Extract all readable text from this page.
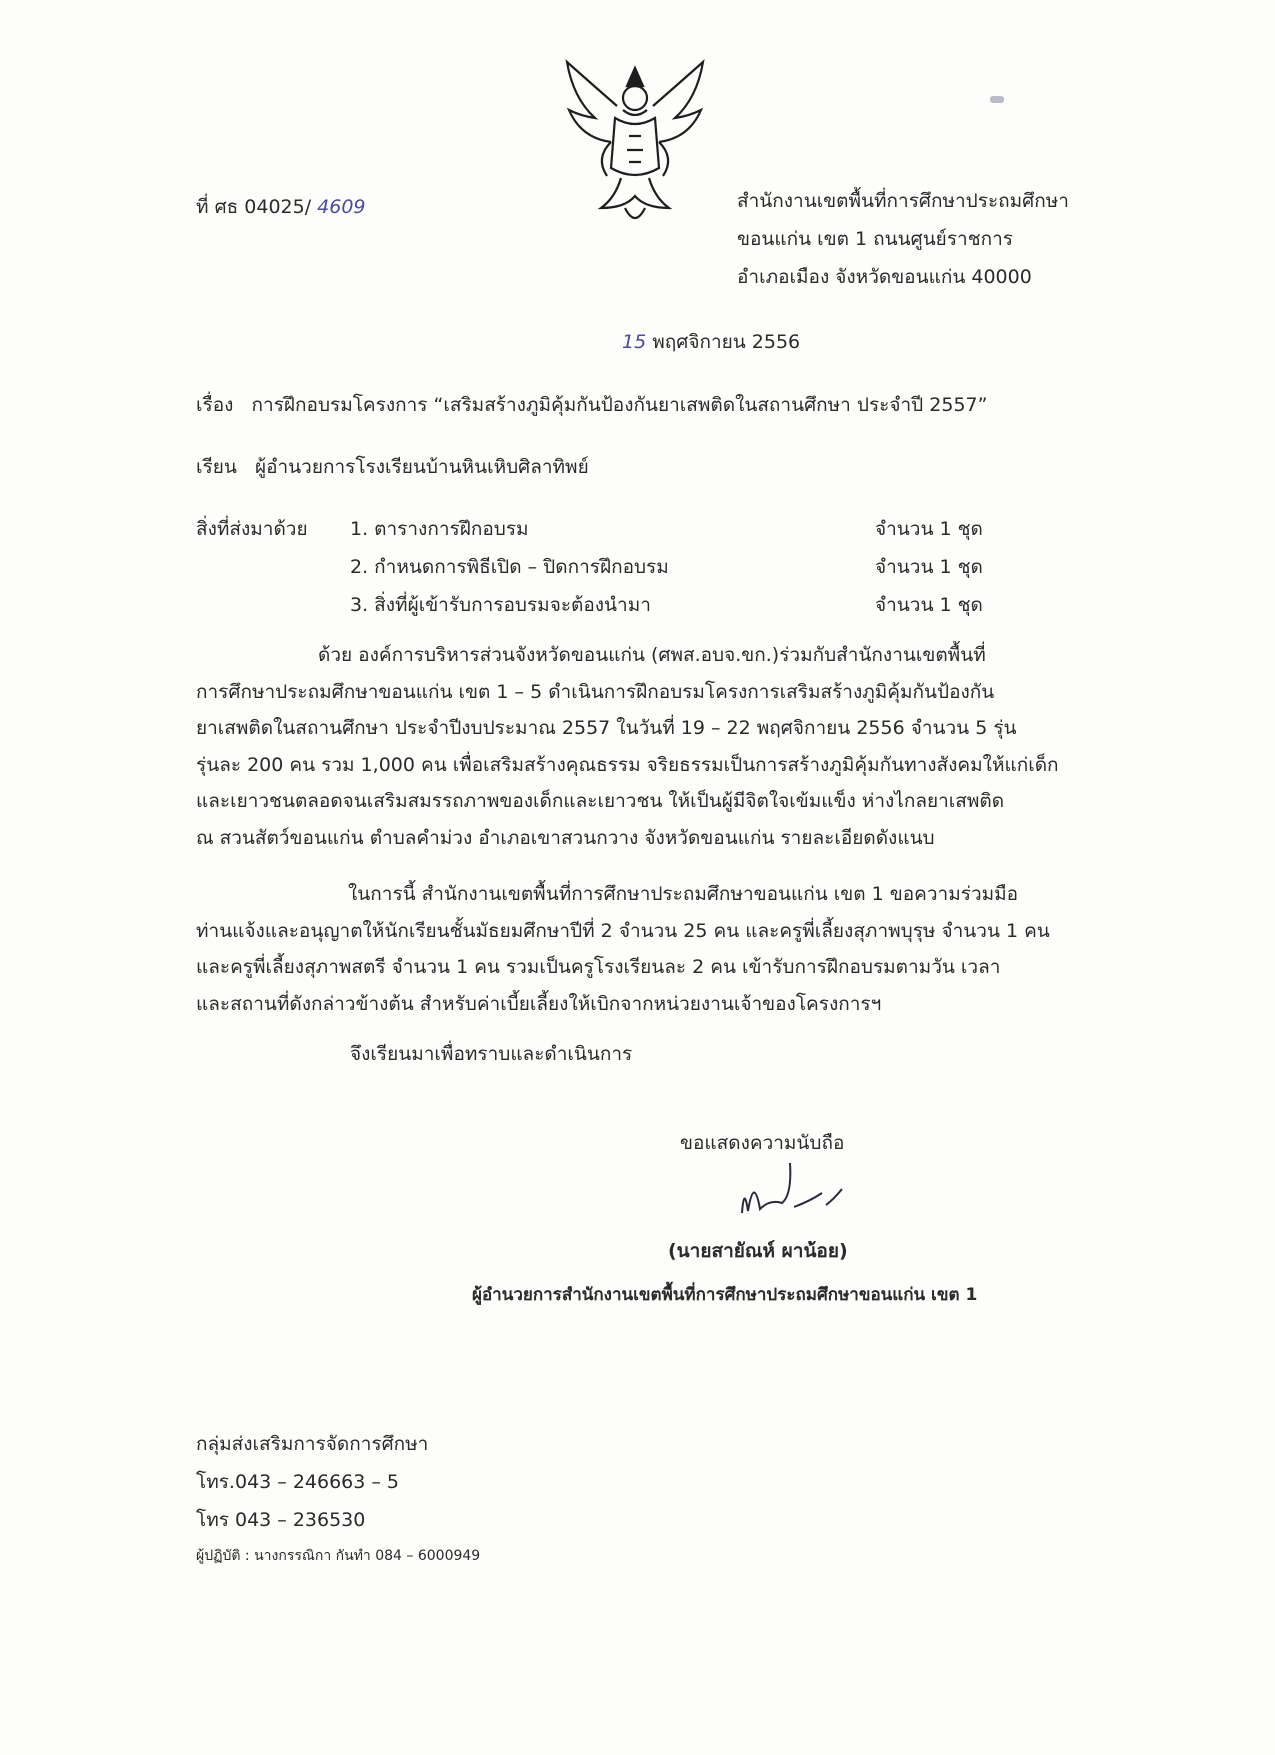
ที่ ศธ 04025/ 4609	สำนักงานเขตพื้นที่การศึกษาประถมศึกษา
ขอนแก่น เขต 1 ถนนศูนย์ราชการ
อำเภอเมือง จังหวัดขอนแก่น 40000
15 พฤศจิกายน 2556
เรื่อง การฝึกอบรมโครงการ “เสริมสร้างภูมิคุ้มกันป้องกันยาเสพติดในสถานศึกษา ประจำปี 2557”
เรียน ผู้อำนวยการโรงเรียนบ้านหินเหิบศิลาทิพย์
สิ่งที่ส่งมาด้วย 1. ตารางการฝึกอบรม	จำนวน 1 ชุด
2. กำหนดการพิธีเปิด – ปิดการฝึกอบรม	จำนวน 1 ชุด
3. สิ่งที่ผู้เข้ารับการอบรมจะต้องนำมา	จำนวน 1 ชุด
ด้วย องค์การบริหารส่วนจังหวัดขอนแก่น (ศพส.อบจ.ขก.)ร่วมกับสำนักงานเขตพื้นที่
การศึกษาประถมศึกษาขอนแก่น เขต 1 – 5 ดำเนินการฝึกอบรมโครงการเสริมสร้างภูมิคุ้มกันป้องกัน
ยาเสพติดในสถานศึกษา ประจำปีงบประมาณ 2557 ในวันที่ 19 – 22 พฤศจิกายน 2556 จำนวน 5 รุ่น
รุ่นละ 200 คน รวม 1,000 คน เพื่อเสริมสร้างคุณธรรม จริยธรรมเป็นการสร้างภูมิคุ้มกันทางสังคมให้แก่เด็ก
และเยาวชนตลอดจนเสริมสมรรถภาพของเด็กและเยาวชน ให้เป็นผู้มีจิตใจเข้มแข็ง ห่างไกลยาเสพติด
ณ สวนสัตว์ขอนแก่น ตำบลคำม่วง อำเภอเขาสวนกวาง จังหวัดขอนแก่น รายละเอียดดังแนบ
ในการนี้ สำนักงานเขตพื้นที่การศึกษาประถมศึกษาขอนแก่น เขต 1 ขอความร่วมมือ
ท่านแจ้งและอนุญาตให้นักเรียนชั้นมัธยมศึกษาปีที่ 2 จำนวน 25 คน และครูพี่เลี้ยงสุภาพบุรุษ จำนวน 1 คน
และครูพี่เลี้ยงสุภาพสตรี จำนวน 1 คน รวมเป็นครูโรงเรียนละ 2 คน เข้ารับการฝึกอบรมตามวัน เวลา
และสถานที่ดังกล่าวข้างต้น สำหรับค่าเบี้ยเลี้ยงให้เบิกจากหน่วยงานเจ้าของโครงการฯ
จึงเรียนมาเพื่อทราบและดำเนินการ
ขอแสดงความนับถือ
(นายสายัณห์ ผาน้อย)
ผู้อำนวยการสำนักงานเขตพื้นที่การศึกษาประถมศึกษาขอนแก่น เขต 1
กลุ่มส่งเสริมการจัดการศึกษา
โทร.043 – 246663 – 5
โทร 043 – 236530
ผู้ปฏิบัติ : นางกรรณิกา กันทำ 084 – 6000949
